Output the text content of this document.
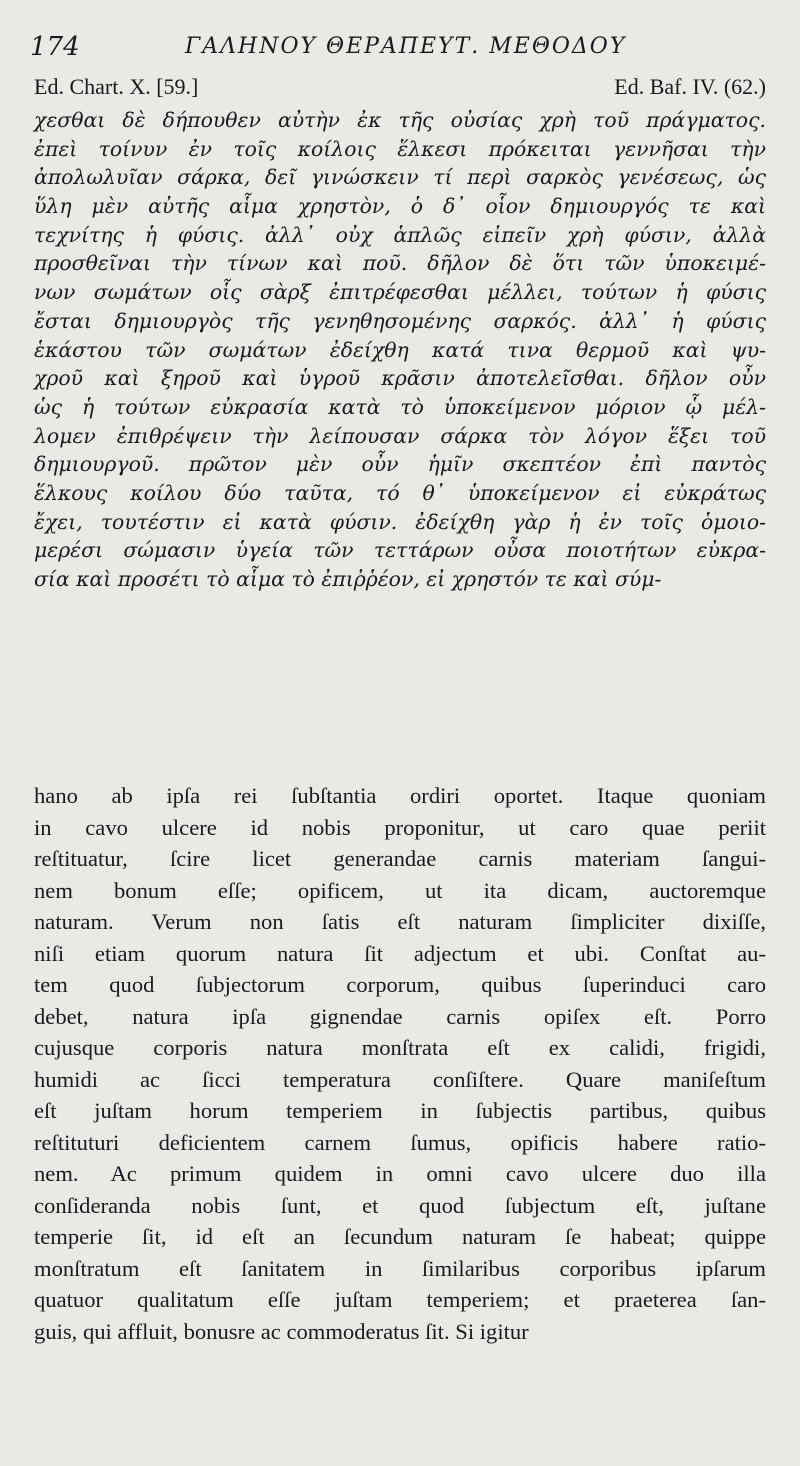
174	ΓΑΛΗΝΟΥ ΘΕΡΑΠΕΥΤ. ΜΕΘΟΔΟΥ
Ed. Chart. X. [59.]	Ed. Baf. IV. (62.)
χεσθαι δὲ δήπουθεν αὐτὴν ἐκ τῆς οὐσίας χρὴ τοῦ πράγματος.
ἐπεὶ τοίνυν ἐν τοῖς κοίλοις ἕλκεσι πρόκειται γεννῆσαι τὴν
ἀπολωλυῖαν σάρκα, δεῖ γινώσκειν τί περὶ σαρκὸς γενέσεως, ὡς
ὕλη μὲν αὐτῆς αἷμα χρηστὸν, ὁ δ᾽ οἷον δημιουργός τε καὶ
τεχνίτης ἡ φύσις. ἀλλ᾽ οὐχ ἁπλῶς εἰπεῖν χρὴ φύσιν, ἀλλὰ
προσθεῖναι τὴν τίνων καὶ ποῦ. δῆλον δὲ ὅτι τῶν ὑποκειμέ-
νων σωμάτων οἷς σὰρξ ἐπιτρέφεσθαι μέλλει, τούτων ἡ φύσις
ἔσται δημιουργὸς τῆς γενηθησομένης σαρκός. ἀλλ᾽ ἡ φύσις
ἑκάστου τῶν σωμάτων ἐδείχθη κατά τινα θερμοῦ καὶ ψυ-
χροῦ καὶ ξηροῦ καὶ ὑγροῦ κρᾶσιν ἀποτελεῖσθαι. δῆλον οὖν
ὡς ἡ τούτων εὐκρασία κατὰ τὸ ὑποκείμενον μόριον ᾧ μέλ-
λομεν ἐπιθρέψειν τὴν λείπουσαν σάρκα τὸν λόγον ἕξει τοῦ
δημιουργοῦ. πρῶτον μὲν οὖν ἡμῖν σκεπτέον ἐπὶ παντὸς
ἕλκους κοίλου δύο ταῦτα, τό θ᾽ ὑποκείμενον εἰ εὐκράτως
ἔχει, τουτέστιν εἰ κατὰ φύσιν. ἐδείχθη γὰρ ἡ ἐν τοῖς ὁμοιο-
μερέσι σώμασιν ὑγεία τῶν τεττάρων οὖσα ποιοτήτων εὐκρα-
σία καὶ προσέτι τὸ αἷμα τὸ ἐπιῤῥέον, εἰ χρηστόν τε καὶ σύμ-
hano ab ipſa rei ſubſtantia ordiri oportet. Itaque quoniam
in cavo ulcere id nobis proponitur, ut caro quae periit
reſtituatur, ſcire licet generandae carnis materiam ſangui-
nem bonum eſſe; opificem, ut ita dicam, auctoremque
naturam. Verum non ſatis eſt naturam ſimpliciter dixiſſe,
niſi etiam quorum natura ſit adjectum et ubi. Conſtat au-
tem quod ſubjectorum corporum, quibus ſuperinduci caro
debet, natura ipſa gignendae carnis opiſex eſt. Porro
cujusque corporis natura monſtrata eſt ex calidi, frigidi,
humidi ac ſicci temperatura conſiſtere. Quare maniſeſtum
eſt juſtam horum temperiem in ſubjectis partibus, quibus
reſtituturi deficientem carnem ſumus, opificis habere ratio-
nem. Ac primum quidem in omni cavo ulcere duo illa
conſideranda nobis ſunt, et quod ſubjectum eſt, juſtane
temperie ſit, id eſt an ſecundum naturam ſe habeat; quippe
monſtratum eſt ſanitatem in ſimilaribus corporibus ipſarum
quatuor qualitatum eſſe juſtam temperiem; et praeterea ſan-
guis, qui affluit, bonusre ac commoderatus ſit. Si igitur
